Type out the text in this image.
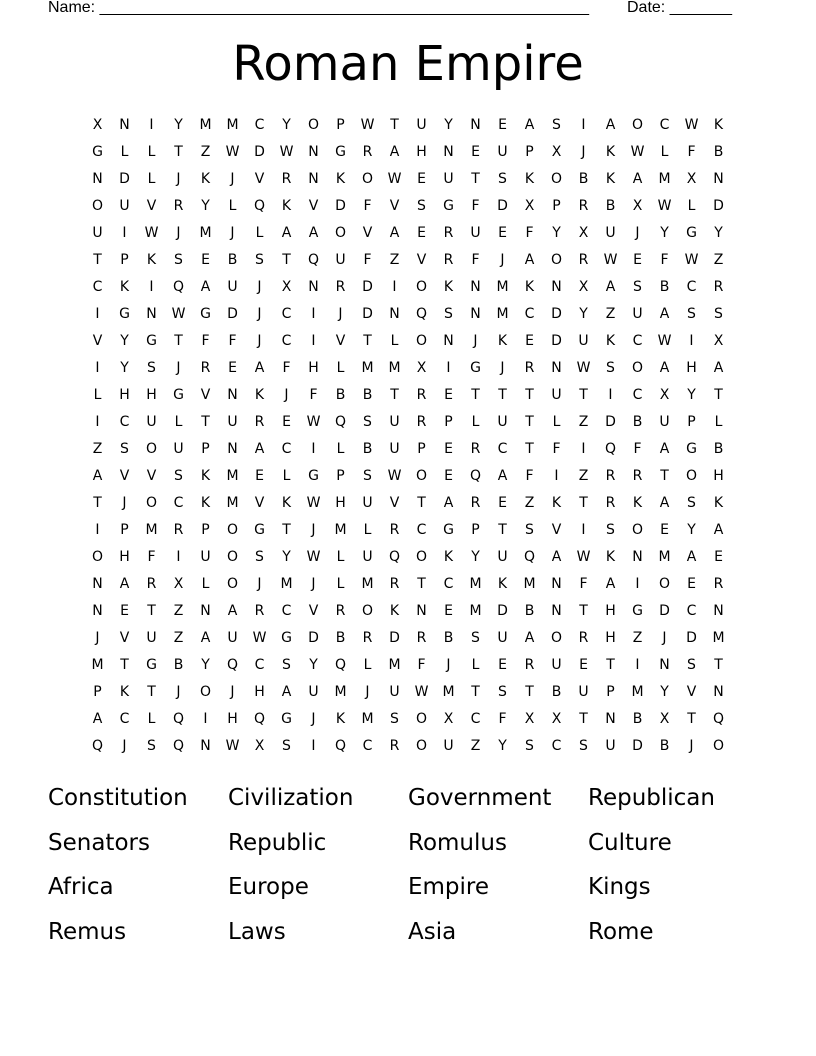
Name: _______________________________________________________ Date: _______
Roman Empire
X	N	I	Y	M	M	C	Y	O	P	W	T	U	Y	N	E	A	S	I	A	O	C	W	K
G	L	L	T	Z	W	D	W	N	G	R	A	H	N	E	U	P	X	J	K	W	L	F	B
N	D	L	J	K	J	V	R	N	K	O	W	E	U	T	S	K	O	B	K	A	M	X	N
O	U	V	R	Y	L	Q	K	V	D	F	V	S	G	F	D	X	P	R	B	X	W	L	D
U	I	W	J	M	J	L	A	A	O	V	A	E	R	U	E	F	Y	X	U	J	Y	G	Y
T	P	K	S	E	B	S	T	Q	U	F	Z	V	R	F	J	A	O	R	W	E	F	W	Z
C	K	I	Q	A	U	J	X	N	R	D	I	O	K	N	M	K	N	X	A	S	B	C	R
I	G	N	W	G	D	J	C	I	J	D	N	Q	S	N	M	C	D	Y	Z	U	A	S	S
V	Y	G	T	F	F	J	C	I	V	T	L	O	N	J	K	E	D	U	K	C	W	I	X
I	Y	S	J	R	E	A	F	H	L	M	M	X	I	G	J	R	N	W	S	O	A	H	A
L	H	H	G	V	N	K	J	F	B	B	T	R	E	T	T	T	U	T	I	C	X	Y	T
I	C	U	L	T	U	R	E	W	Q	S	U	R	P	L	U	T	L	Z	D	B	U	P	L
Z	S	O	U	P	N	A	C	I	L	B	U	P	E	R	C	T	F	I	Q	F	A	G	B
A	V	V	S	K	M	E	L	G	P	S	W	O	E	Q	A	F	I	Z	R	R	T	O	H
T	J	O	C	K	M	V	K	W	H	U	V	T	A	R	E	Z	K	T	R	K	A	S	K
I	P	M	R	P	O	G	T	J	M	L	R	C	G	P	T	S	V	I	S	O	E	Y	A
O	H	F	I	U	O	S	Y	W	L	U	Q	O	K	Y	U	Q	A	W	K	N	M	A	E
N	A	R	X	L	O	J	M	J	L	M	R	T	C	M	K	M	N	F	A	I	O	E	R
N	E	T	Z	N	A	R	C	V	R	O	K	N	E	M	D	B	N	T	H	G	D	C	N
J	V	U	Z	A	U	W	G	D	B	R	D	R	B	S	U	A	O	R	H	Z	J	D	M
M	T	G	B	Y	Q	C	S	Y	Q	L	M	F	J	L	E	R	U	E	T	I	N	S	T
P	K	T	J	O	J	H	A	U	M	J	U	W	M	T	S	T	B	U	P	M	Y	V	N
A	C	L	Q	I	H	Q	G	J	K	M	S	O	X	C	F	X	X	T	N	B	X	T	Q
Q	J	S	Q	N	W	X	S	I	Q	C	R	O	U	Z	Y	S	C	S	U	D	B	J	O
Constitution	Civilization	Government	Republican
Senators	Republic	Romulus	Culture
Africa	Europe	Empire	Kings
Remus	Laws	Asia	Rome
